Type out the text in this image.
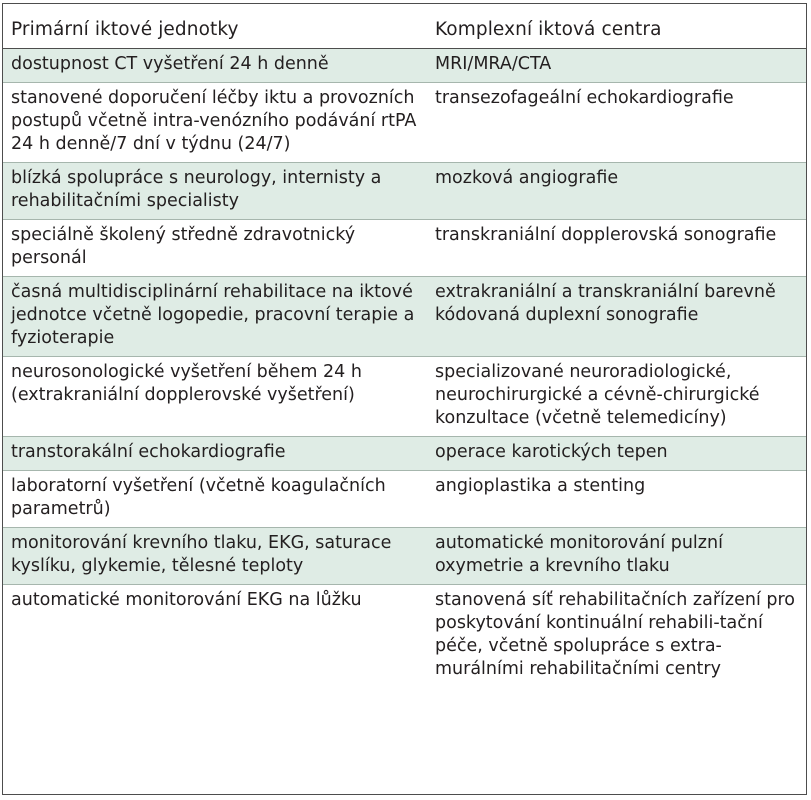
Primární iktové jednotky	Komplexní iktová centra
dostupnost CT vyšetření 24 h denně	MRI/MRA/CTA
stanovené doporučení léčby iktu a provozních postupů včetně intra-venózního podávání rtPA 24 h denně/7 dní v týdnu (24/7)	transezofageální echokardiografie
blízká spolupráce s neurology, internisty a rehabilitačními specialisty	mozková angiografie
speciálně školený středně zdravotnický personál	transkraniální dopplerovská sonografie
časná multidisciplinární rehabilitace na iktové jednotce včetně logopedie, pracovní terapie a fyzioterapie	extrakraniální a transkraniální barevně kódovaná duplexní sonografie
neurosonologické vyšetření během 24 h (extrakraniální dopplerovské vyšetření)	specializované neuroradiologické, neurochirurgické a cévně-chirurgické konzultace (včetně telemedicíny)
transtorakální echokardiografie	operace karotických tepen
laboratorní vyšetření (včetně koagulačních parametrů)	angioplastika a stenting
monitorování krevního tlaku, EKG, saturace kyslíku, glykemie, tělesné teploty	automatické monitorování pulzní oxymetrie a krevního tlaku
automatické monitorování EKG na lůžku	stanovená síť rehabilitačních zařízení pro poskytování kontinuální rehabili-tační péče, včetně spolupráce s extra-murálními rehabilitačními centry
